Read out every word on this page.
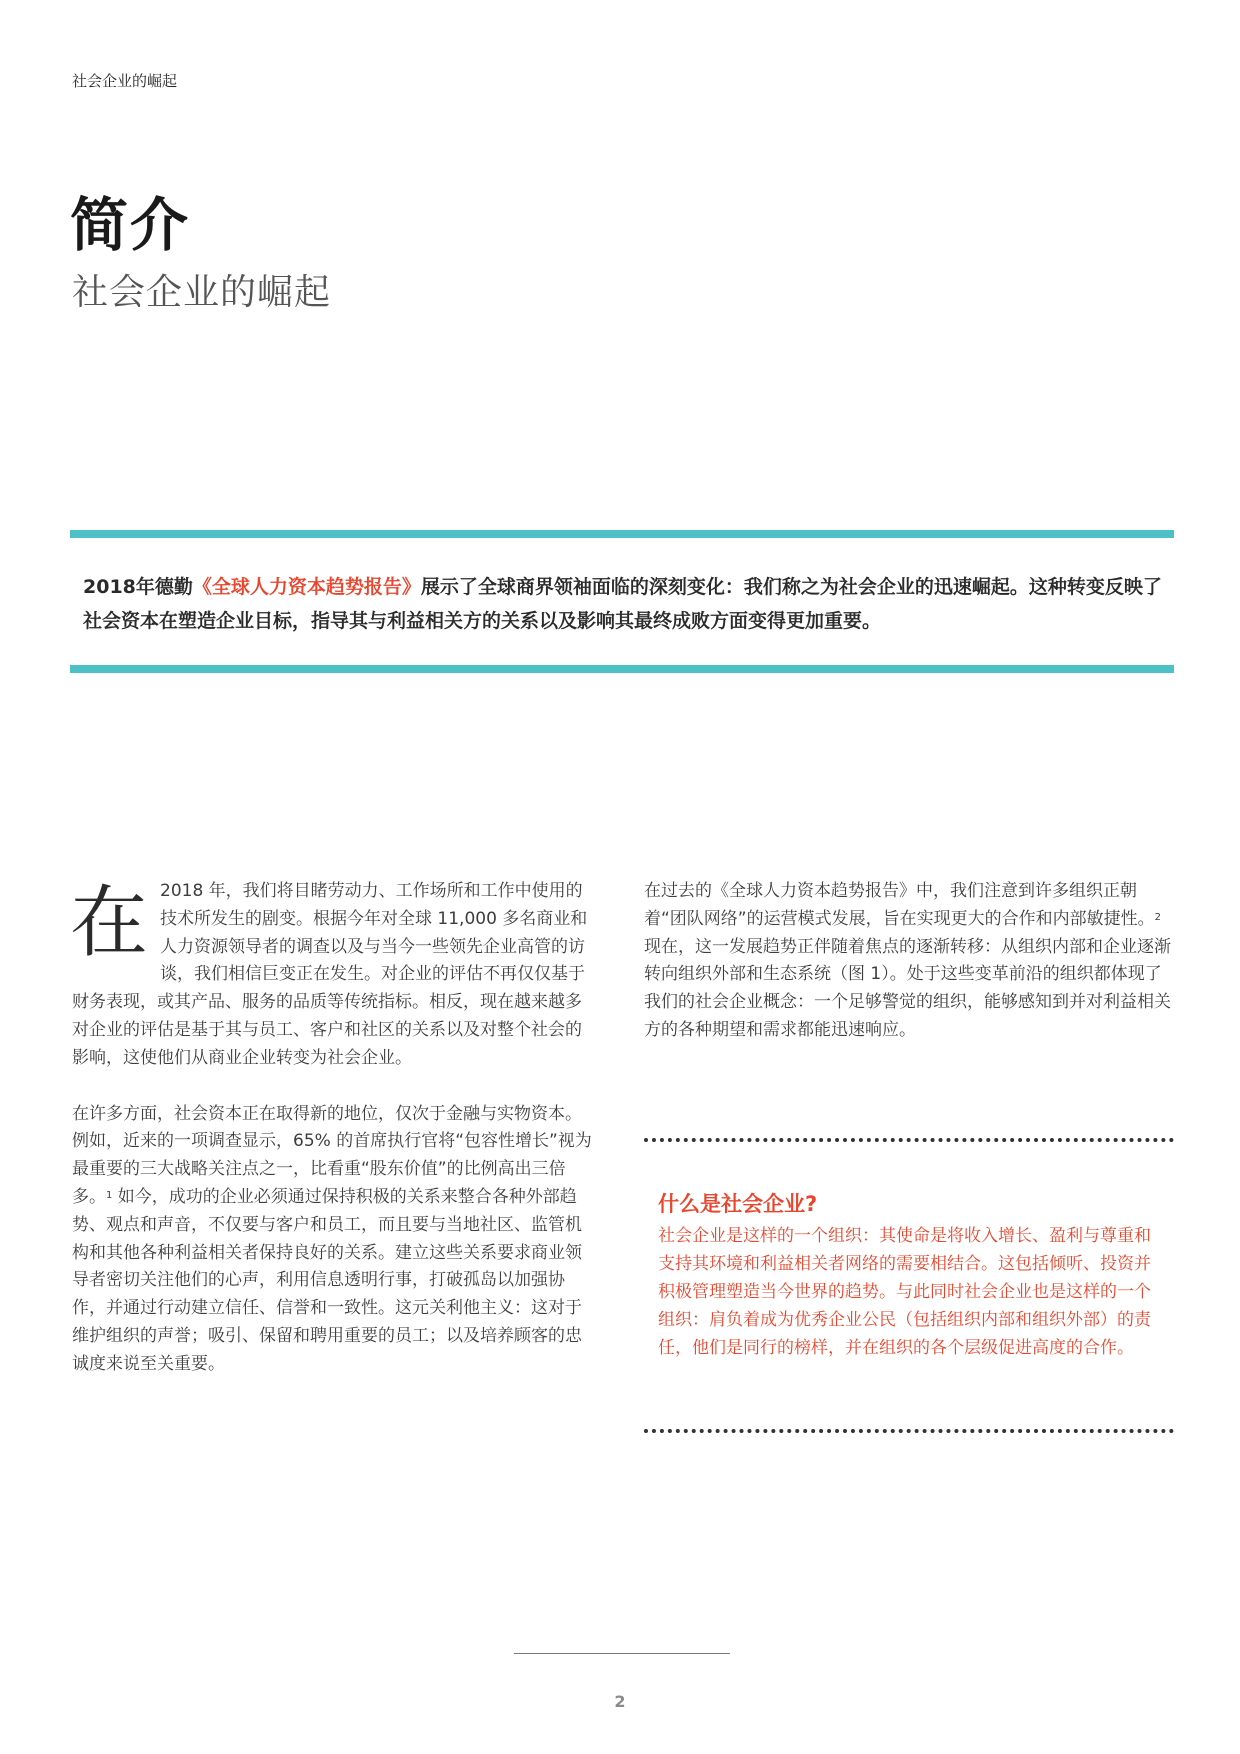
社会企业的崛起
简介
社会企业的崛起
2018年德勤《全球人力资本趋势报告》展示了全球商界领袖面临的深刻变化：我们称之为社会企业的迅速崛起。这种转变反映了社会资本在塑造企业目标，指导其与利益相关方的关系以及影响其最终成败方面变得更加重要。

在 2018 年，我们将目睹劳动力、工作场所和工作中使用的技术所发生的剧变。根据今年对全球 11,000 多名商业和人力资源领导者的调查以及与当今一些领先企业高管的访谈，我们相信巨变正在发生。对企业的评估不再仅仅基于财务表现，或其产品、服务的品质等传统指标。相反，现在越来越多对企业的评估是基于其与员工、客户和社区的关系以及对整个社会的影响，这使他们从商业企业转变为社会企业。

在许多方面，社会资本正在取得新的地位，仅次于金融与实物资本。例如，近来的一项调查显示，65% 的首席执行官将“包容性增长”视为最重要的三大战略关注点之一，比看重“股东价值”的比例高出三倍多。$^1$ 如今，成功的企业必须通过保持积极的关系来整合各种外部趋势、观点和声音，不仅要与客户和员工，而且要与当地社区、监管机构和其他各种利益相关者保持良好的关系。建立这些关系要求商业领导者密切关注他们的心声，利用信息透明行事，打破孤岛以加强协作，并通过行动建立信任、信誉和一致性。这元关利他主义：这对于维护组织的声誉；吸引、保留和聘用重要的员工；以及培养顾客的忠诚度来说至关重要。

在过去的《全球人力资本趋势报告》中，我们注意到许多组织正朝着“团队网络”的运营模式发展，旨在实现更大的合作和内部敏捷性。$^2$ 现在，这一发展趋势正伴随着焦点的逐渐转移：从组织内部和企业逐渐转向组织外部和生态系统（图 1）。处于这些变革前沿的组织都体现了我们的社会企业概念：一个足够警觉的组织，能够感知到并对利益相关方的各种期望和需求都能迅速响应。

什么是社会企业?
社会企业是这样的一个组织：其使命是将收入增长、盈利与尊重和支持其环境和利益相关者网络的需要相结合。这包括倾听、投资并积极管理塑造当今世界的趋势。与此同时社会企业也是这样的一个组织：肩负着成为优秀企业公民（包括组织内部和组织外部）的责任，他们是同行的榜样，并在组织的各个层级促进高度的合作。
2
